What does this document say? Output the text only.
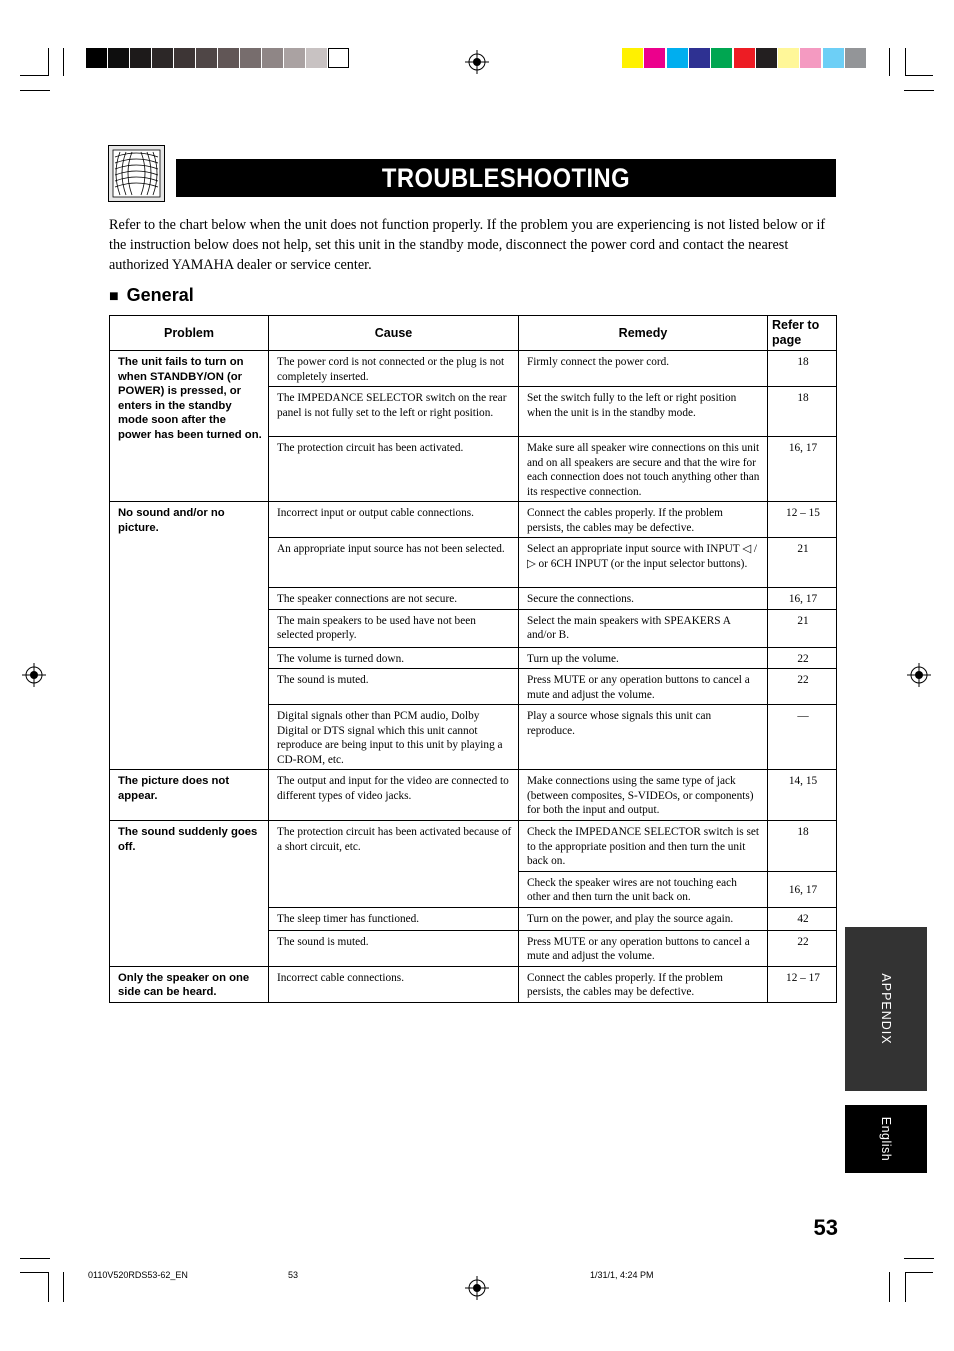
TROUBLESHOOTING
Refer to the chart below when the unit does not function properly. If the problem you are experiencing is not listed below or if the instruction below does not help, set this unit in the standby mode, disconnect the power cord and contact the nearest authorized YAMAHA dealer or service center.
■ General
Problem	Cause	Remedy	Refer to page
The unit fails to turn on when STANDBY/ON (or POWER) is pressed, or enters in the standby mode soon after the power has been turned on.	The power cord is not connected or the plug is not completely inserted.	Firmly connect the power cord.	18
	The IMPEDANCE SELECTOR switch on the rear panel is not fully set to the left or right position.	Set the switch fully to the left or right position when the unit is in the standby mode.	18
	The protection circuit has been activated.	Make sure all speaker wire connections on this unit and on all speakers are secure and that the wire for each connection does not touch anything other than its respective connection.	16, 17
No sound and/or no picture.	Incorrect input or output cable connections.	Connect the cables properly. If the problem persists, the cables may be defective.	12 – 15
	An appropriate input source has not been selected.	Select an appropriate input source with INPUT ◁ / ▷ or 6CH INPUT (or the input selector buttons).	21
	The speaker connections are not secure.	Secure the connections.	16, 17
	The main speakers to be used have not been selected properly.	Select the main speakers with SPEAKERS A and/or B.	21
	The volume is turned down.	Turn up the volume.	22
	The sound is muted.	Press MUTE or any operation buttons to cancel a mute and adjust the volume.	22
	Digital signals other than PCM audio, Dolby Digital or DTS signal which this unit cannot reproduce are being input to this unit by playing a CD-ROM, etc.	Play a source whose signals this unit can reproduce.	—
The picture does not appear.	The output and input for the video are connected to different types of video jacks.	Make connections using the same type of jack (between composites, S-VIDEOs, or components) for both the input and output.	14, 15
The sound suddenly goes off.	The protection circuit has been activated because of a short circuit, etc.	Check the IMPEDANCE SELECTOR switch is set to the appropriate position and then turn the unit back on.	18
		Check the speaker wires are not touching each other and then turn the unit back on.	16, 17
	The sleep timer has functioned.	Turn on the power, and play the source again.	42
	The sound is muted.	Press MUTE or any operation buttons to cancel a mute and adjust the volume.	22
Only the speaker on one side can be heard.	Incorrect cable connections.	Connect the cables properly. If the problem persists, the cables may be defective.	12 – 17	APPENDIX
English
53
0110V520RDS53-62_EN	53	1/31/1, 4:24 PM
